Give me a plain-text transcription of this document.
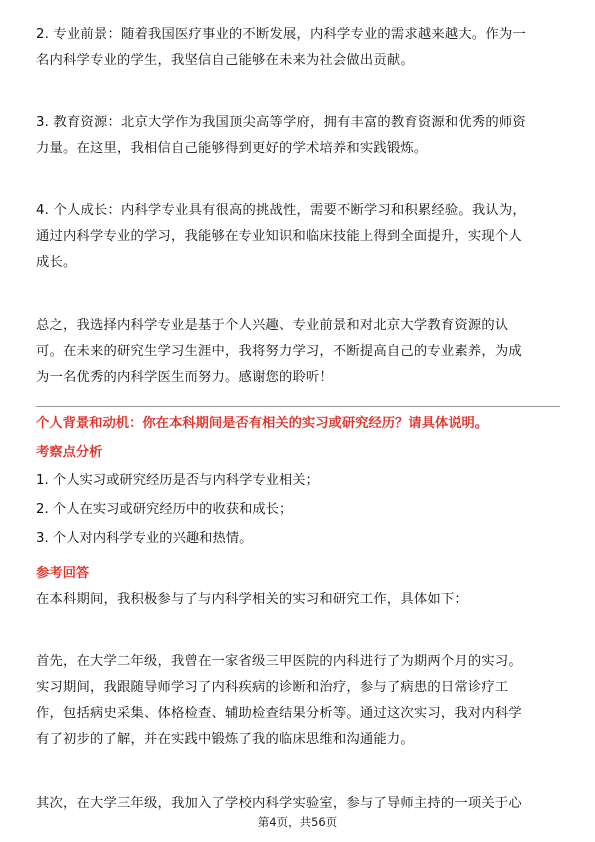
2. 专业前景：随着我国医疗事业的不断发展，内科学专业的需求越来越大。作为一
名内科学专业的学生，我坚信自己能够在未来为社会做出贡献。
3. 教育资源：北京大学作为我国顶尖高等学府，拥有丰富的教育资源和优秀的师资
力量。在这里，我相信自己能够得到更好的学术培养和实践锻炼。
4. 个人成长：内科学专业具有很高的挑战性，需要不断学习和积累经验。我认为，
通过内科学专业的学习，我能够在专业知识和临床技能上得到全面提升，实现个人
成长。
总之，我选择内科学专业是基于个人兴趣、专业前景和对北京大学教育资源的认
可。在未来的研究生学习生涯中，我将努力学习，不断提高自己的专业素养，为成
为一名优秀的内科学医生而努力。感谢您的聆听！
个人背景和动机：你在本科期间是否有相关的实习或研究经历？请具体说明。
考察点分析
1. 个人实习或研究经历是否与内科学专业相关；
2. 个人在实习或研究经历中的收获和成长；
3. 个人对内科学专业的兴趣和热情。
参考回答
在本科期间，我积极参与了与内科学相关的实习和研究工作，具体如下：
首先，在大学二年级，我曾在一家省级三甲医院的内科进行了为期两个月的实习。
实习期间，我跟随导师学习了内科疾病的诊断和治疗，参与了病患的日常诊疗工
作，包括病史采集、体格检查、辅助检查结果分析等。通过这次实习，我对内科学
有了初步的了解，并在实践中锻炼了我的临床思维和沟通能力。
其次，在大学三年级，我加入了学校内科学实验室，参与了导师主持的一项关于心
第4页，共56页
